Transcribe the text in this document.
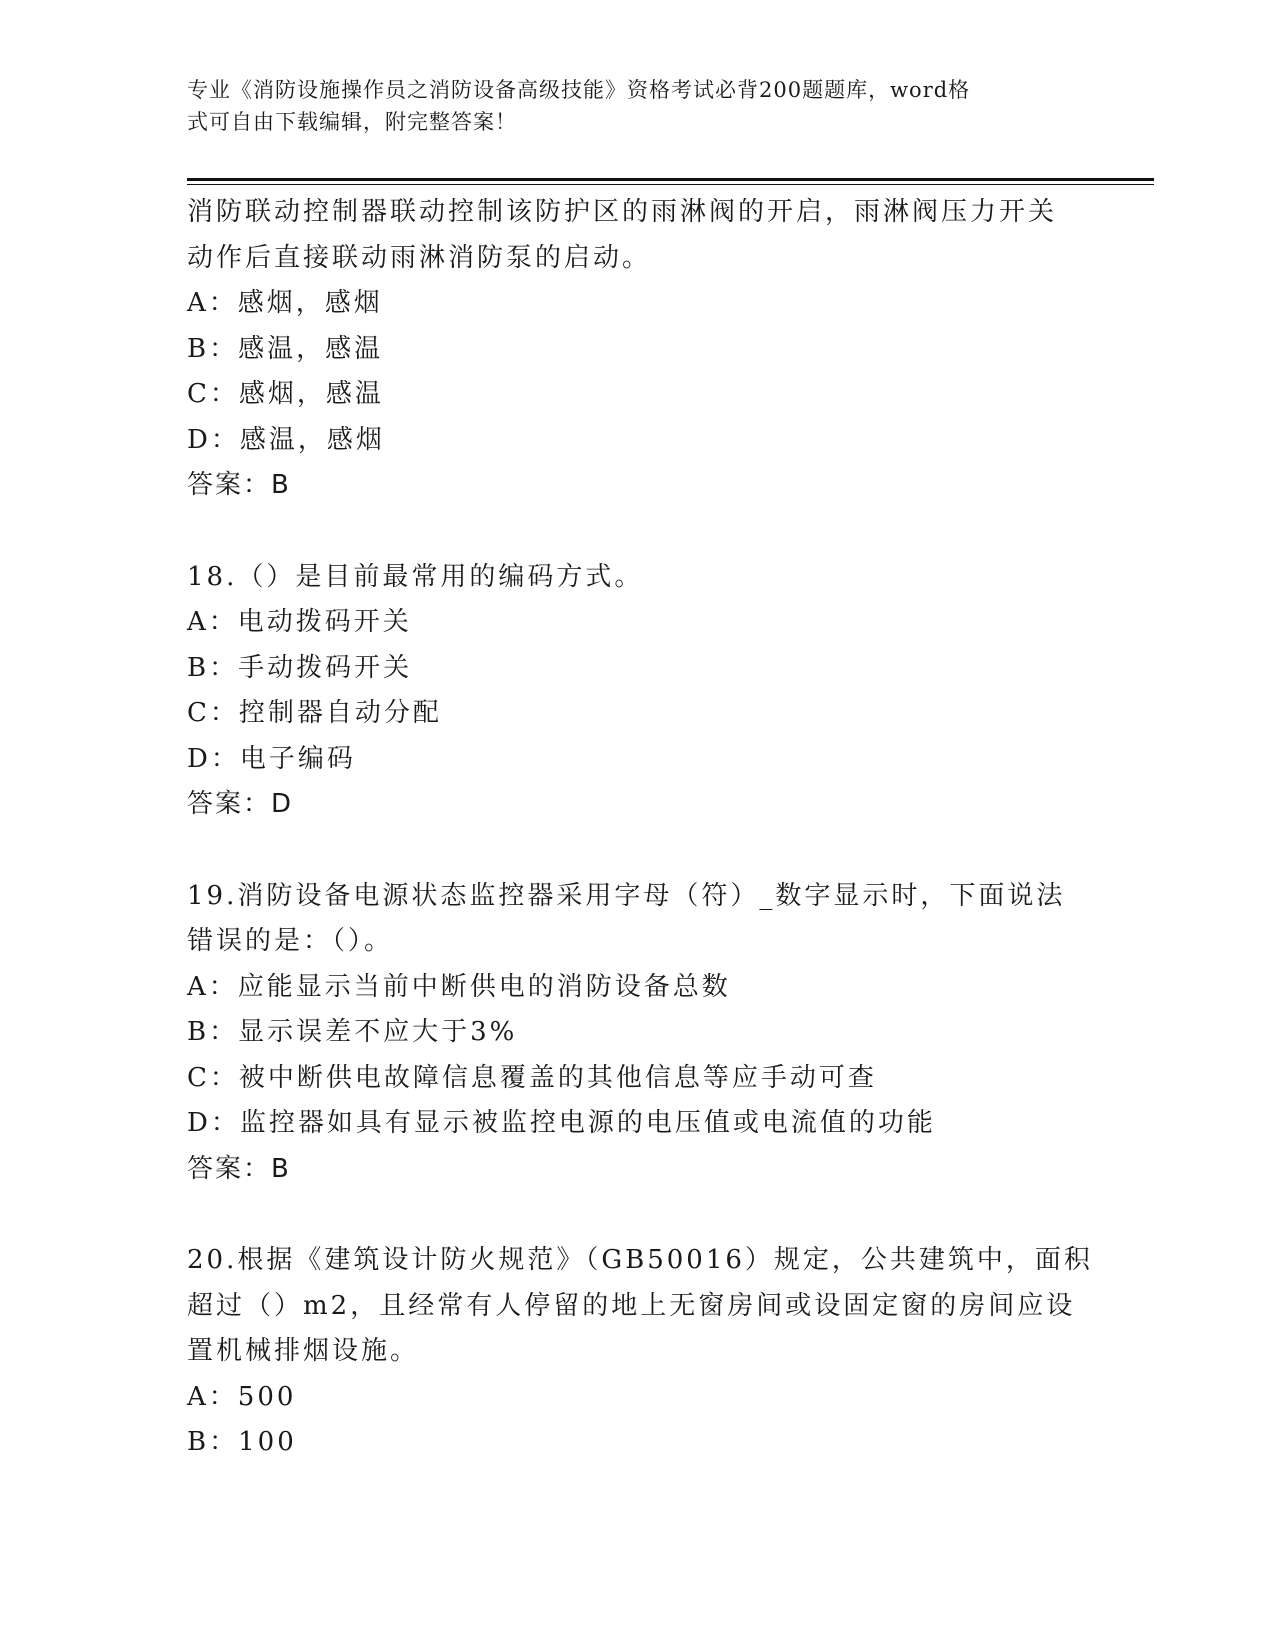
专业《消防设施操作员之消防设备高级技能》资格考试必背200题题库，word格
式可自由下载编辑，附完整答案！
消防联动控制器联动控制该防护区的雨淋阀的开启，雨淋阀压力开关
动作后直接联动雨淋消防泵的启动。
A：感烟，感烟
B：感温，感温
C：感烟，感温
D：感温，感烟
答案：B
18.（）是目前最常用的编码方式。
A：电动拨码开关
B：手动拨码开关
C：控制器自动分配
D：电子编码
答案：D
19.消防设备电源状态监控器采用字母（符）_数字显示时，下面说法
错误的是：（）。
A：应能显示当前中断供电的消防设备总数
B：显示误差不应大于3%
C：被中断供电故障信息覆盖的其他信息等应手动可查
D：监控器如具有显示被监控电源的电压值或电流值的功能
答案：B
20.根据《建筑设计防火规范》（GB50016）规定，公共建筑中，面积
超过（）m2，且经常有人停留的地上无窗房间或设固定窗的房间应设
置机械排烟设施。
A：500
B：100
